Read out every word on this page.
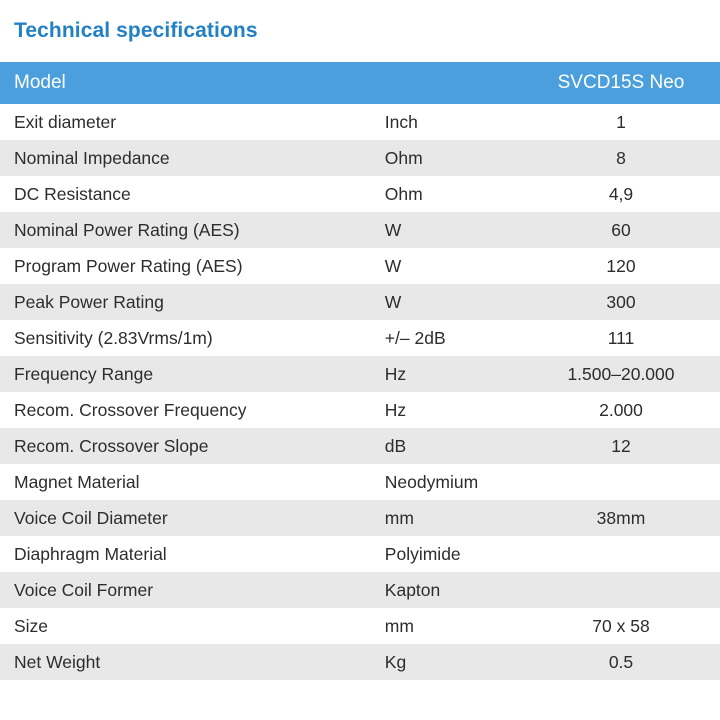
Technical specifications		
Model		SVCD15S Neo
Exit diameter	Inch	1
Nominal Impedance	Ohm	8
DC Resistance	Ohm	4,9
Nominal Power Rating (AES)	W	60
Program Power Rating (AES)	W	120
Peak Power Rating	W	300
Sensitivity (2.83Vrms/1m)	+/– 2dB	111
Frequency Range	Hz	1.500–20.000
Recom. Crossover Frequency	Hz	2.000
Recom. Crossover Slope	dB	12
Magnet Material	Neodymium	
Voice Coil Diameter	mm	38mm
Diaphragm Material	Polyimide	
Voice Coil Former	Kapton	
Size	mm	70 x 58
Net Weight	Kg	0.5
